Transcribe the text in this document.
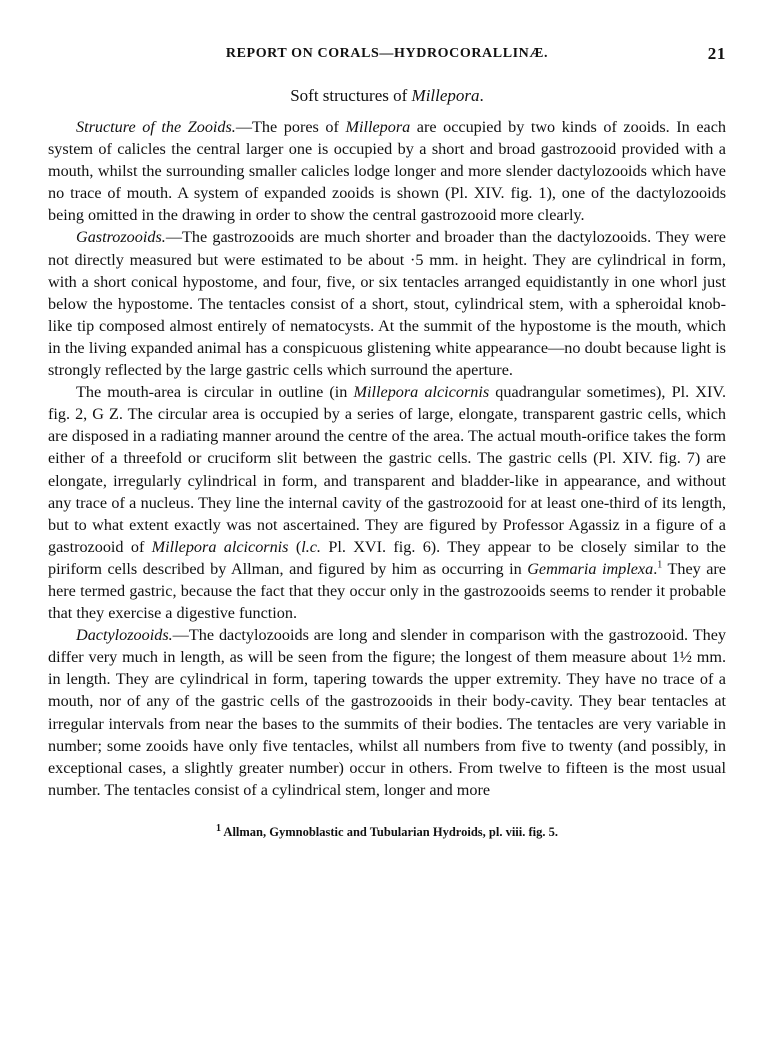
REPORT ON CORALS—HYDROCORALLINÆ.	21
Soft structures of Millepora.

Structure of the Zooids.—The pores of Millepora are occupied by two kinds of zooids. In each system of calicles the central larger one is occupied by a short and broad gastrozooid provided with a mouth, whilst the surrounding smaller calicles lodge longer and more slender dactylozooids which have no trace of mouth. A system of expanded zooids is shown (Pl. XIV. fig. 1), one of the dactylozooids being omitted in the drawing in order to show the central gastrozooid more clearly.

Gastrozooids.—The gastrozooids are much shorter and broader than the dactylozooids. They were not directly measured but were estimated to be about ·5 mm. in height. They are cylindrical in form, with a short conical hypostome, and four, five, or six tentacles arranged equidistantly in one whorl just below the hypostome. The tentacles consist of a short, stout, cylindrical stem, with a spheroidal knob-like tip composed almost entirely of nematocysts. At the summit of the hypostome is the mouth, which in the living expanded animal has a conspicuous glistening white appearance—no doubt because light is strongly reflected by the large gastric cells which surround the aperture.

The mouth-area is circular in outline (in Millepora alcicornis quadrangular sometimes), Pl. XIV. fig. 2, G Z. The circular area is occupied by a series of large, elongate, transparent gastric cells, which are disposed in a radiating manner around the centre of the area. The actual mouth-orifice takes the form either of a threefold or cruciform slit between the gastric cells. The gastric cells (Pl. XIV. fig. 7) are elongate, irregularly cylindrical in form, and transparent and bladder-like in appearance, and without any trace of a nucleus. They line the internal cavity of the gastrozooid for at least one-third of its length, but to what extent exactly was not ascertained. They are figured by Professor Agassiz in a figure of a gastrozooid of Millepora alcicornis (l.c. Pl. XVI. fig. 6). They appear to be closely similar to the piriform cells described by Allman, and figured by him as occurring in Gemmaria implexa.$^1$ They are here termed gastric, because the fact that they occur only in the gastrozooids seems to render it probable that they exercise a digestive function.

Dactylozooids.—The dactylozooids are long and slender in comparison with the gastrozooid. They differ very much in length, as will be seen from the figure; the longest of them measure about 1½ mm. in length. They are cylindrical in form, tapering towards the upper extremity. They have no trace of a mouth, nor of any of the gastric cells of the gastrozooids in their body-cavity. They bear tentacles at irregular intervals from near the bases to the summits of their bodies. The tentacles are very variable in number; some zooids have only five tentacles, whilst all numbers from five to twenty (and possibly, in exceptional cases, a slightly greater number) occur in others. From twelve to fifteen is the most usual number. The tentacles consist of a cylindrical stem, longer and more

$^1$ Allman, Gymnoblastic and Tubularian Hydroids, pl. viii. fig. 5.
